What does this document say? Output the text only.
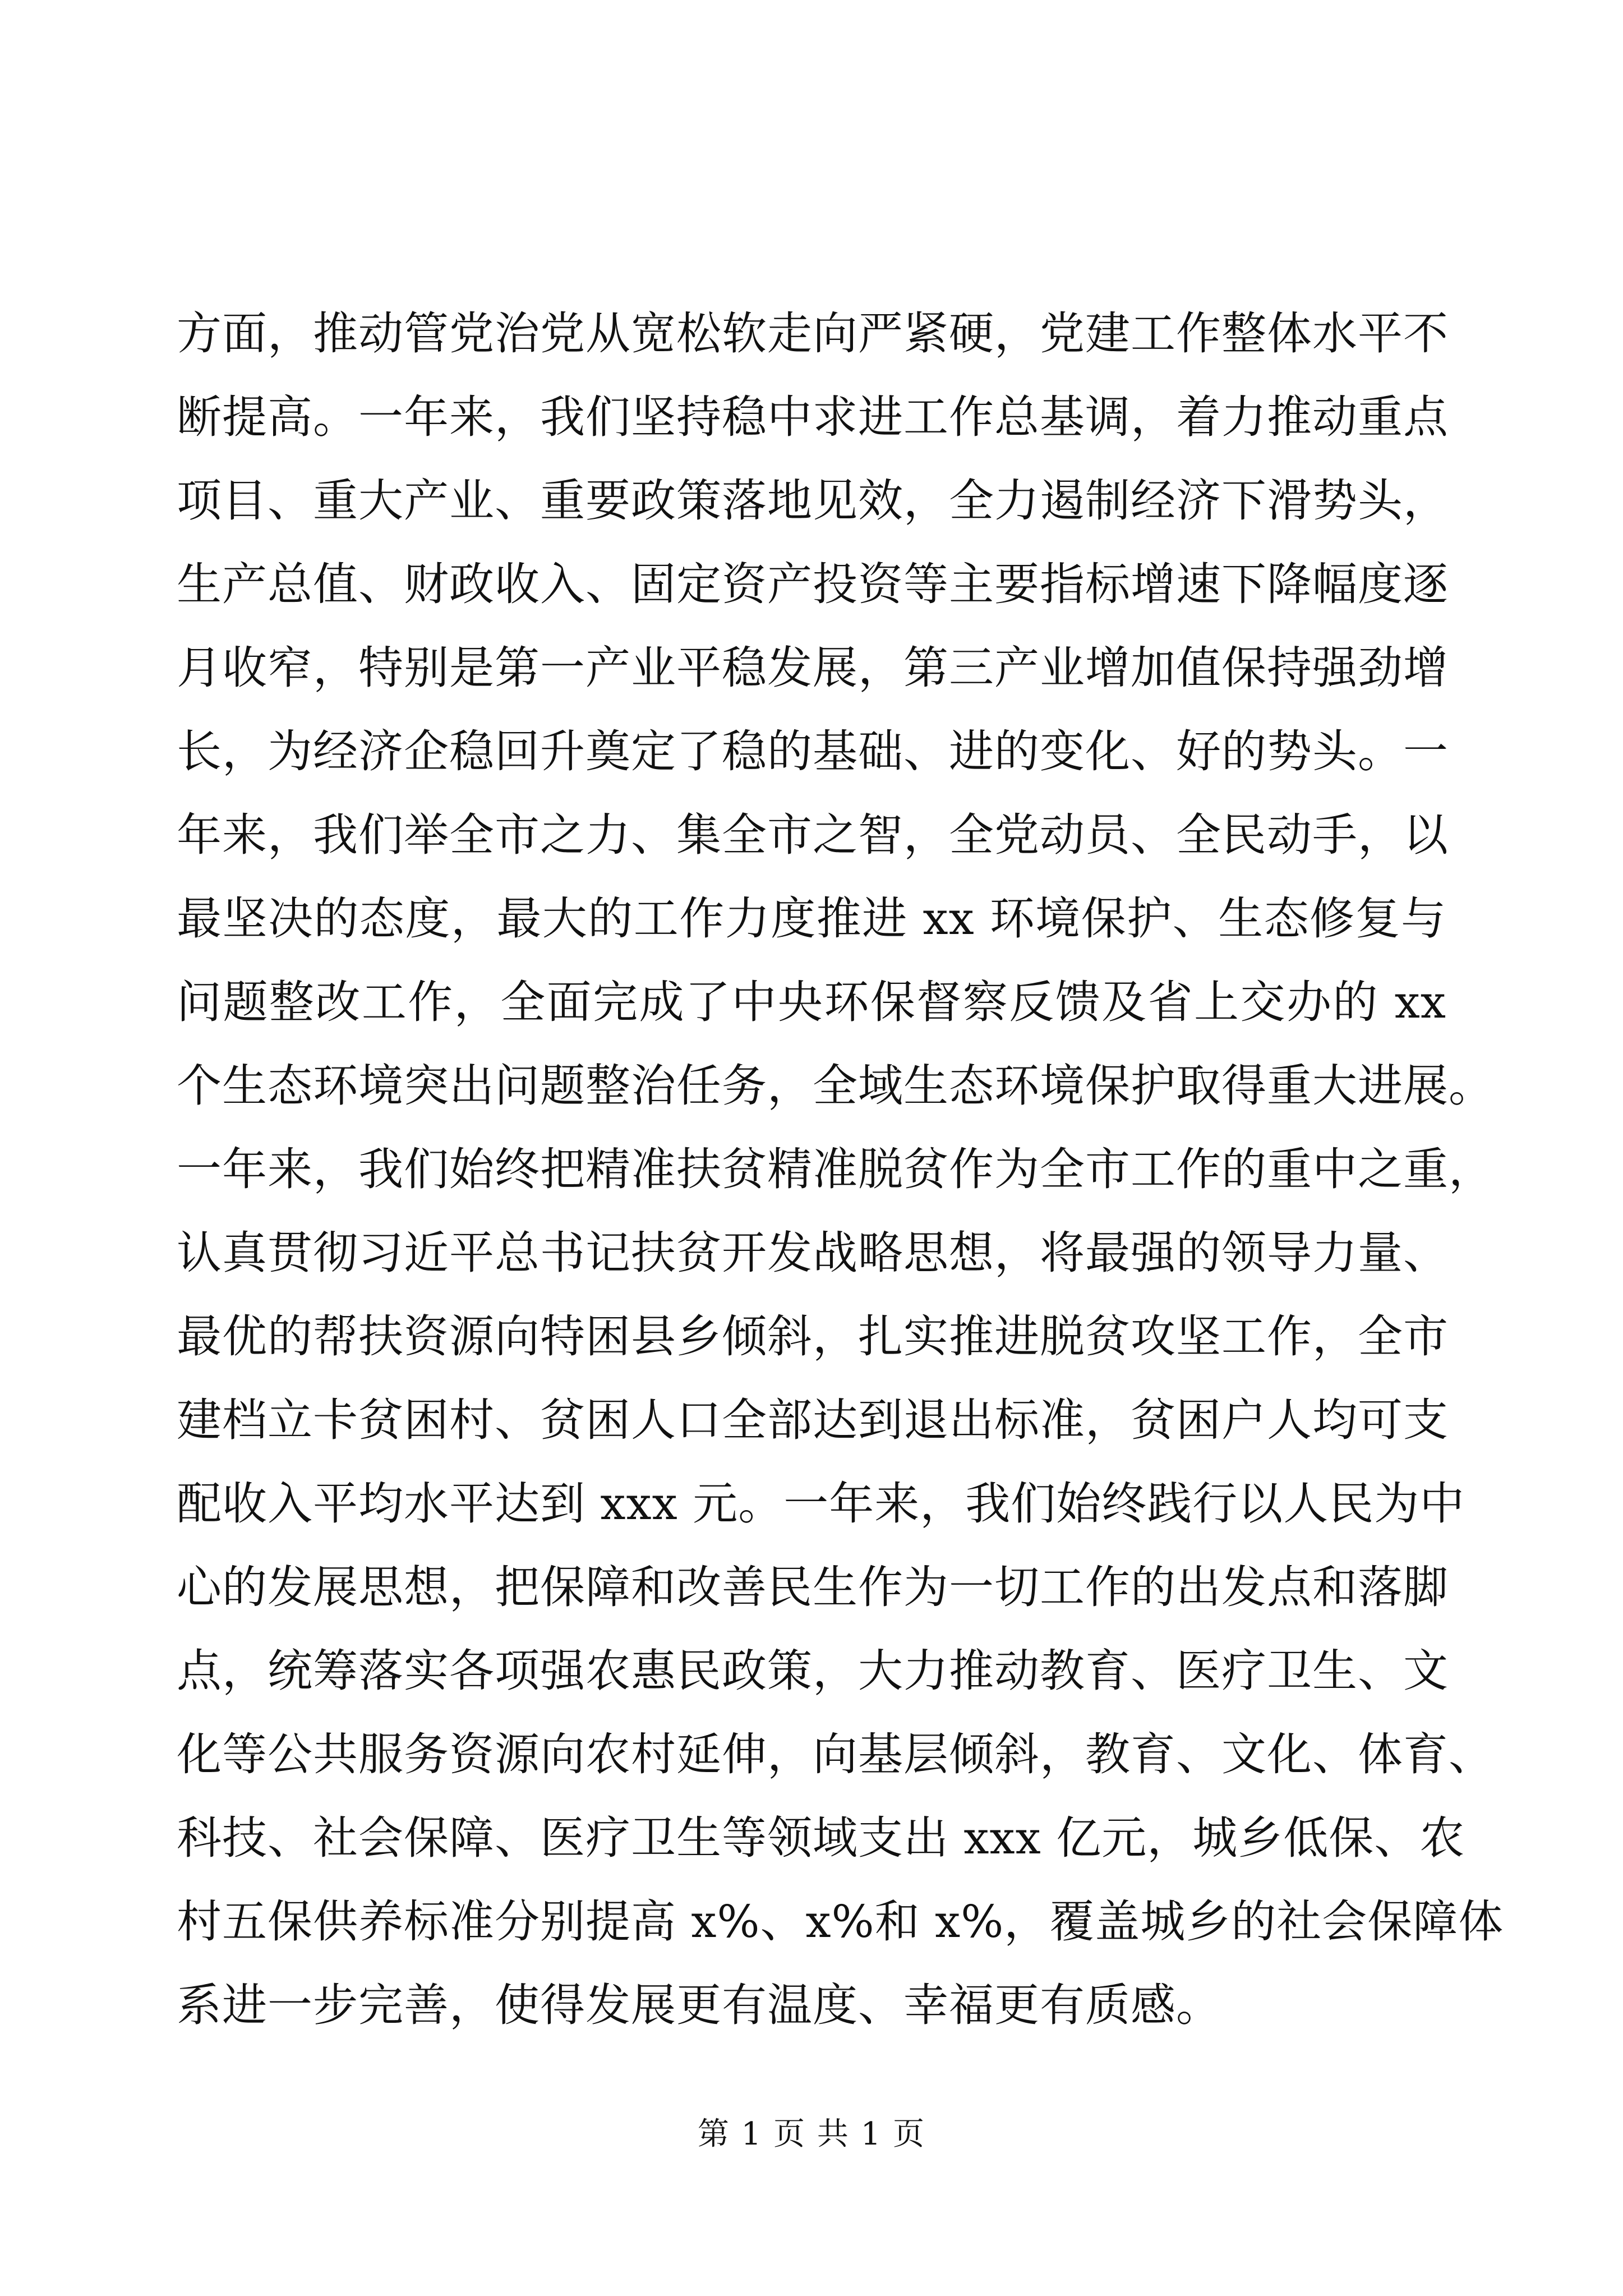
方面，推动管党治党从宽松软走向严紧硬，党建工作整体水平不
断提高。一年来，我们坚持稳中求进工作总基调，着力推动重点
项目、重大产业、重要政策落地见效，全力遏制经济下滑势头，
生产总值、财政收入、固定资产投资等主要指标增速下降幅度逐
月收窄，特别是第一产业平稳发展，第三产业增加值保持强劲增
长，为经济企稳回升奠定了稳的基础、进的变化、好的势头。一
年来，我们举全市之力、集全市之智，全党动员、全民动手，以
最坚决的态度，最大的工作力度推进 xx 环境保护、生态修复与
问题整改工作，全面完成了中央环保督察反馈及省上交办的 xx
个生态环境突出问题整治任务，全域生态环境保护取得重大进展。
一年来，我们始终把精准扶贫精准脱贫作为全市工作的重中之重，
认真贯彻习近平总书记扶贫开发战略思想，将最强的领导力量、
最优的帮扶资源向特困县乡倾斜，扎实推进脱贫攻坚工作，全市
建档立卡贫困村、贫困人口全部达到退出标准，贫困户人均可支
配收入平均水平达到 xxx 元。一年来，我们始终践行以人民为中
心的发展思想，把保障和改善民生作为一切工作的出发点和落脚
点，统筹落实各项强农惠民政策，大力推动教育、医疗卫生、文
化等公共服务资源向农村延伸，向基层倾斜，教育、文化、体育、
科技、社会保障、医疗卫生等领域支出 xxx 亿元，城乡低保、农
村五保供养标准分别提高 x%、x%和 x%，覆盖城乡的社会保障体
系进一步完善，使得发展更有温度、幸福更有质感。
第 1 页 共 1 页
